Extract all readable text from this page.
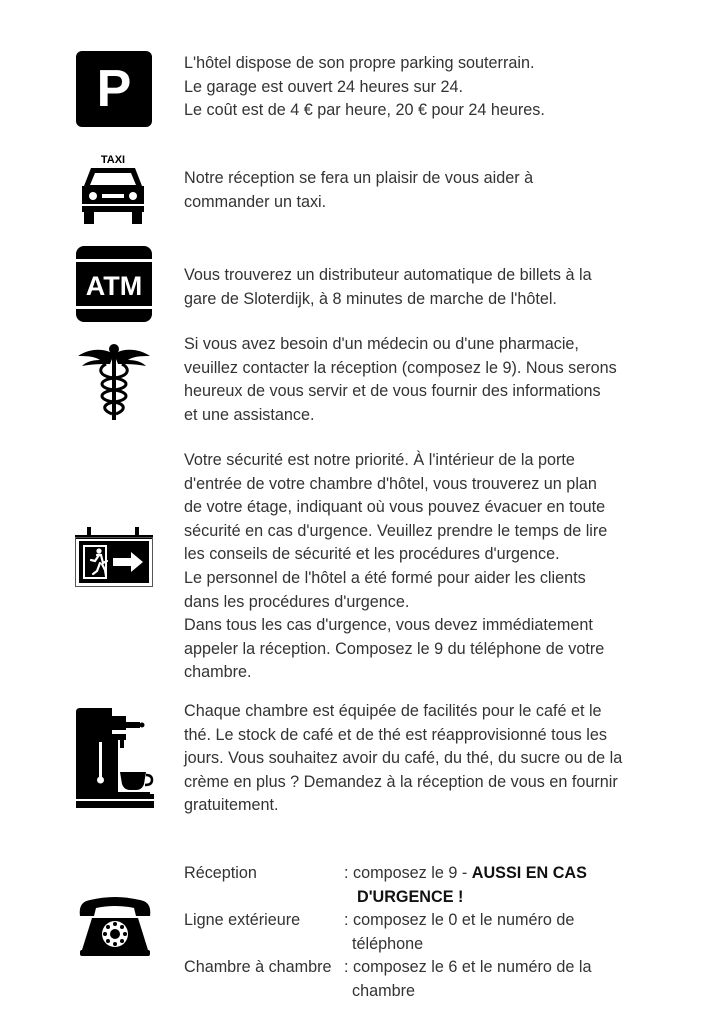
P	L'hôtel dispose de son propre parking souterrain.

Le garage est ouvert 24 heures sur 24.

Le coût est de 4 € par heure, 20 € pour 24 heures.

TAXI

Notre réception se fera un plaisir de vous aider à

commander un taxi.

ATM	Vous trouverez un distributeur automatique de billets à la

gare de Sloterdijk, à 8 minutes de marche de l'hôtel.

Si vous avez besoin d'un médecin ou d'une pharmacie,

veuillez contacter la réception (composez le 9). Nous serons

heureux de vous servir et de vous fournir des informations

et une assistance.

Votre sécurité est notre priorité. À l'intérieur de la porte

d'entrée de votre chambre d'hôtel, vous trouverez un plan

de votre étage, indiquant où vous pouvez évacuer en toute

sécurité en cas d'urgence. Veuillez prendre le temps de lire

les conseils de sécurité et les procédures d'urgence.

Le personnel de l'hôtel a été formé pour aider les clients

dans les procédures d'urgence.

Dans tous les cas d'urgence, vous devez immédiatement

appeler la réception. Composez le 9 du téléphone de votre

chambre.

Chaque chambre est équipée de facilités pour le café et le

thé. Le stock de café et de thé est réapprovisionné tous les

jours. Vous souhaitez avoir du café, du thé, du sucre ou de la

crème en plus ? Demandez à la réception de vous en fournir

gratuitement.

Réception	: composez le 9 - AUSSI EN CAS
D'URGENCE !
Ligne extérieure	: composez le 0 et le numéro de
téléphone
Chambre à chambre : composez le 6 et le numéro de la
chambre
